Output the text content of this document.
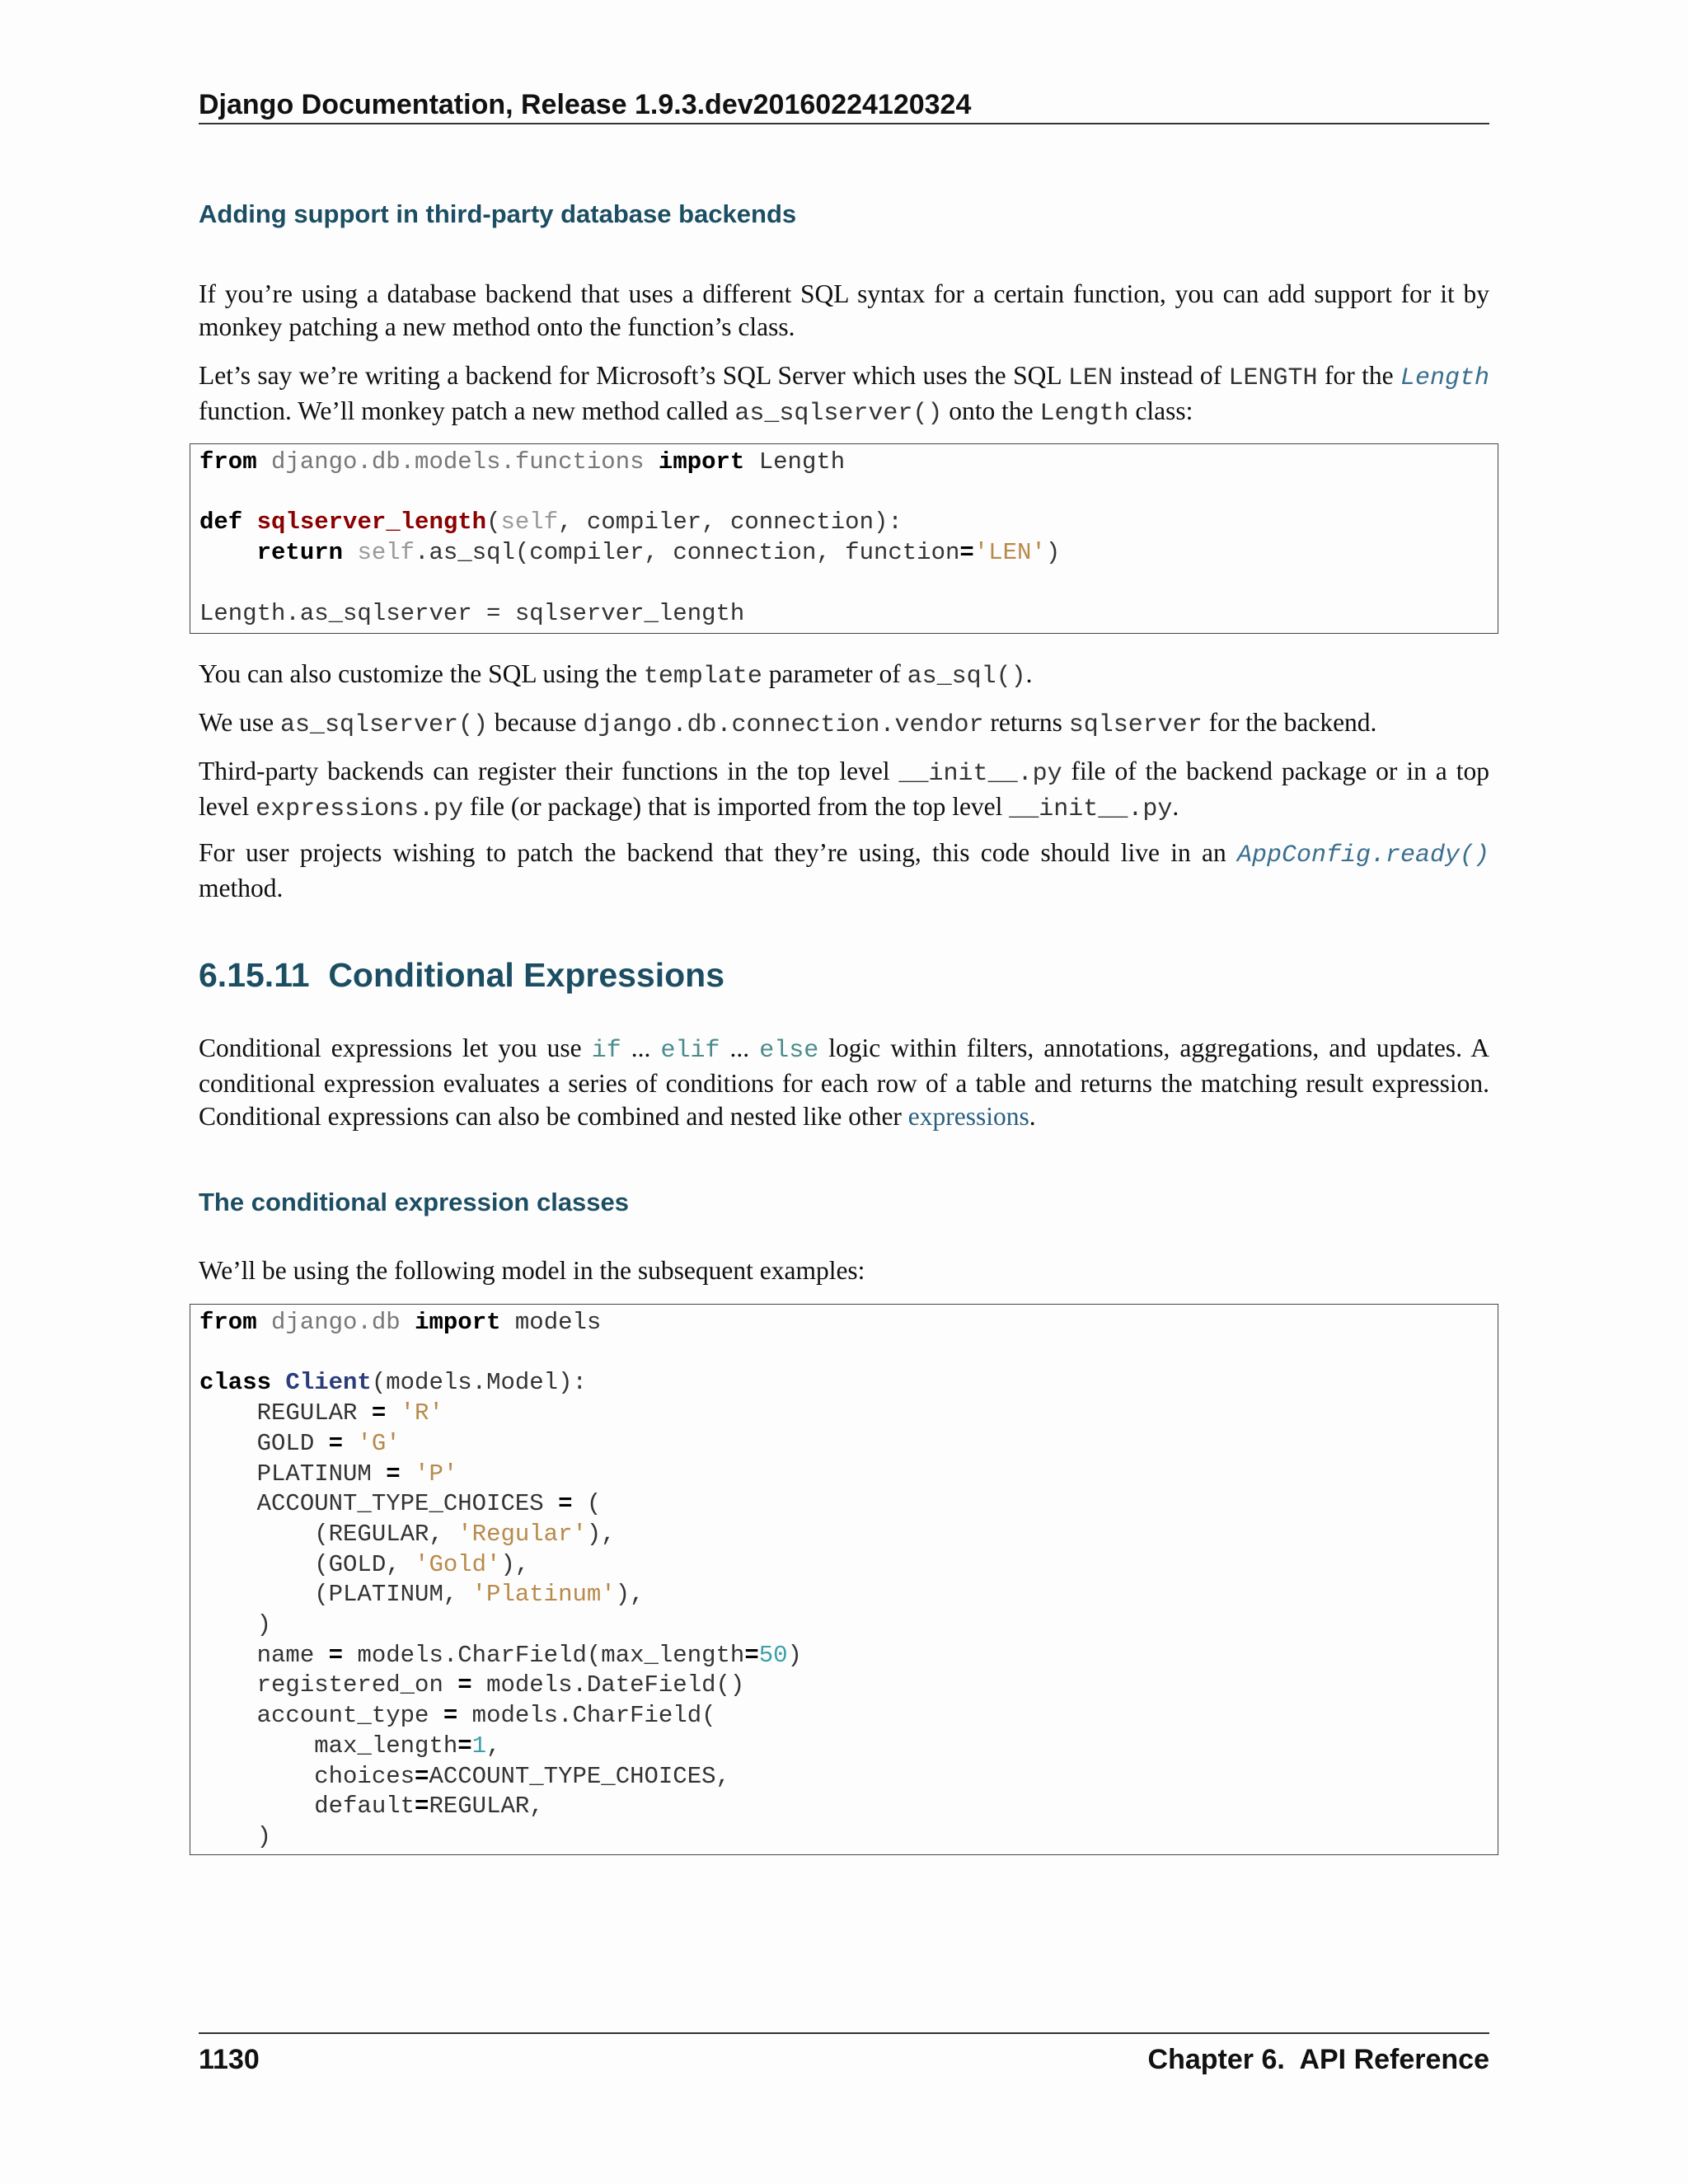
Django Documentation, Release 1.9.3.dev20160224120324
Adding support in third-party database backends

If you’re using a database backend that uses a different SQL syntax for a certain function, you can add support for it by monkey patching a new method onto the function’s class.

Let’s say we’re writing a backend for Microsoft’s SQL Server which uses the SQL LEN instead of LENGTH for the Length function. We’ll monkey patch a new method called as_sqlserver() onto the Length class:

from django.db.models.functions import Length

def sqlserver_length(self, compiler, connection):
return self.as_sql(compiler, connection, function='LEN')

Length.as_sqlserver = sqlserver_length

You can also customize the SQL using the template parameter of as_sql().

We use as_sqlserver() because django.db.connection.vendor returns sqlserver for the backend.

Third-party backends can register their functions in the top level __init__.py file of the backend package or in a top level expressions.py file (or package) that is imported from the top level __init__.py.

For user projects wishing to patch the backend that they’re using, this code should live in an AppConfig.ready() method.

6.15.11 Conditional Expressions

Conditional expressions let you use if ... elif ... else logic within filters, annotations, aggregations, and updates. A conditional expression evaluates a series of conditions for each row of a table and returns the matching result expression. Conditional expressions can also be combined and nested like other expressions.

The conditional expression classes

We’ll be using the following model in the subsequent examples:

from django.db import models

class Client(models.Model):
REGULAR = 'R'
GOLD = 'G'
PLATINUM = 'P'
ACCOUNT_TYPE_CHOICES = (
(REGULAR, 'Regular'),
(GOLD, 'Gold'),
(PLATINUM, 'Platinum'),
)
name = models.CharField(max_length=50)
registered_on = models.DateField()
account_type = models.CharField(
max_length=1,
choices=ACCOUNT_TYPE_CHOICES,
default=REGULAR,
)
1130	Chapter 6.  API Reference
